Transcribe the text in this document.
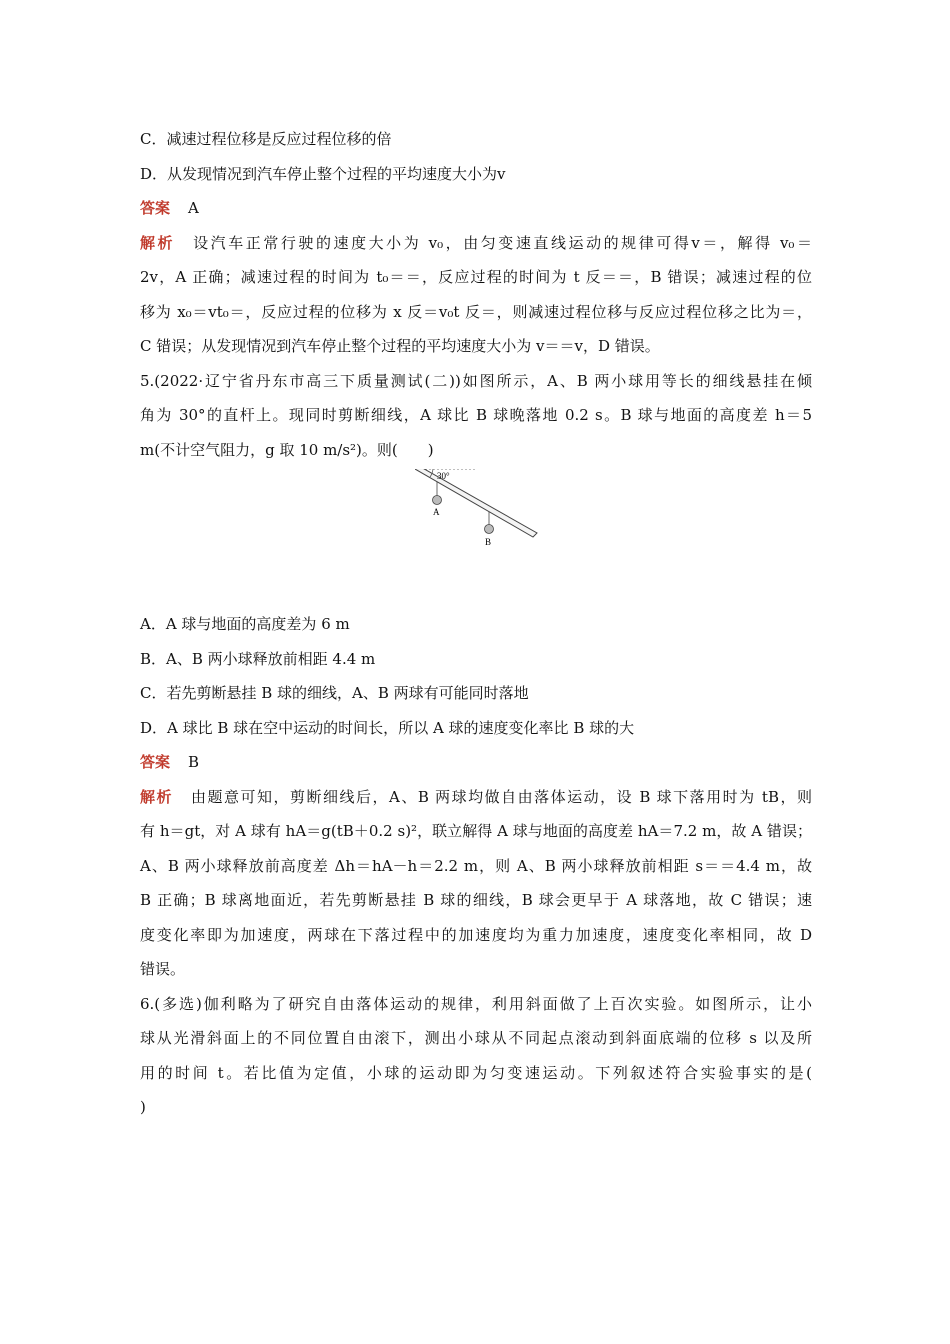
C．减速过程位移是反应过程位移的倍
D．从发现情况到汽车停止整个过程的平均速度大小为v
答案 A
解析 设汽车正常行驶的速度大小为 v₀，由匀变速直线运动的规律可得v＝，解得 v₀＝
2v，A 正确；减速过程的时间为 t₀＝＝，反应过程的时间为 t 反＝＝，B 错误；减速过程的位
移为 x₀＝vt₀＝，反应过程的位移为 x 反＝v₀t 反＝，则减速过程位移与反应过程位移之比为＝，
C 错误；从发现情况到汽车停止整个过程的平均速度大小为 v＝＝v，D 错误。
5.(2022·辽宁省丹东市高三下质量测试(二))如图所示，A、B 两小球用等长的细线悬挂在倾
角为 30°的直杆上。现同时剪断细线，A 球比 B 球晚落地 0.2 s。B 球与地面的高度差 h＝5
m(不计空气阻力，g 取 10 m/s²)。则(　　)
30°
A
B
A．A 球与地面的高度差为 6 m
B．A、B 两小球释放前相距 4.4 m
C．若先剪断悬挂 B 球的细线，A、B 两球有可能同时落地
D．A 球比 B 球在空中运动的时间长，所以 A 球的速度变化率比 B 球的大
答案 B
解析 由题意可知，剪断细线后，A、B 两球均做自由落体运动，设 B 球下落用时为 tB，则
有 h＝gt，对 A 球有 hA＝g(tB＋0.2 s)²，联立解得 A 球与地面的高度差 hA＝7.2 m，故 A 错误；
A、B 两小球释放前高度差 Δh＝hA－h＝2.2 m，则 A、B 两小球释放前相距 s＝＝4.4 m，故
B 正确；B 球离地面近，若先剪断悬挂 B 球的细线，B 球会更早于 A 球落地，故 C 错误；速
度变化率即为加速度，两球在下落过程中的加速度均为重力加速度，速度变化率相同，故 D
错误。
6.(多选)伽利略为了研究自由落体运动的规律，利用斜面做了上百次实验。如图所示，让小
球从光滑斜面上的不同位置自由滚下，测出小球从不同起点滚动到斜面底端的位移 s 以及所
用的时间 t。若比值为定值，小球的运动即为匀变速运动。下列叙述符合实验事实的是(
)
